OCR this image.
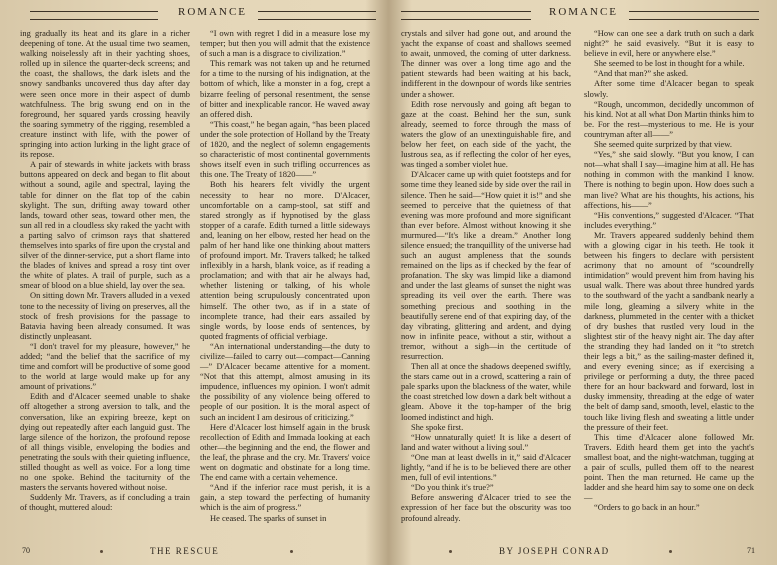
ROMANCE

ing gradually its heat and its glare in a richer deepening of tone. At the usual time two seamen, walking noiselessly aft in their yachting shoes, rolled up in silence the quarter-deck screens; and the coast, the shallows, the dark islets and the snowy sandbanks uncovered thus day after day were seen once more in their aspect of dumb watchfulness. The brig swung end on in the foreground, her squared yards crossing heavily the soaring symmetry of the rigging, resembled a creature instinct with life, with the power of springing into action lurking in the light grace of its repose.

A pair of stewards in white jackets with brass buttons appeared on deck and began to flit about without a sound, agile and spectral, laying the table for dinner on the flat top of the cabin skylight. The sun, drifting away toward other lands, toward other seas, toward other men, the sun all red in a cloudless sky raked the yacht with a parting salvo of crimson rays that shattered themselves into sparks of fire upon the crystal and silver of the dinner-service, put a short flame into the blades of knives and spread a rosy tint over the white of plates. A trail of purple, such as a smear of blood on a blue shield, lay over the sea.

On sitting down Mr. Travers alluded in a vexed tone to the necessity of living on preserves, all the stock of fresh provisions for the passage to Batavia having been already consumed. It was distinctly unpleasant.

“I don't travel for my pleasure, however,” he added; “and the belief that the sacrifice of my time and comfort will be productive of some good to the world at large would make up for any amount of privations.”

Edith and d'Alcacer seemed unable to shake off altogether a strong aversion to talk, and the conversation, like an expiring breeze, kept on dying out repeatedly after each languid gust. The large silence of the horizon, the profound repose of all things visible, enveloping the bodies and penetrating the souls with their quieting influence, stilled thought as well as voice. For a long time no one spoke. Behind the taciturnity of the masters the servants hovered without noise.

Suddenly Mr. Travers, as if concluding a train of thought, muttered aloud:

“I own with regret I did in a measure lose my temper; but then you will admit that the existence of such a man is a disgrace to civilization.”

This remark was not taken up and he returned for a time to the nursing of his indignation, at the bottom of which, like a monster in a fog, crept a bizarre feeling of personal resentment, the sense of bitter and inexplicable rancor. He waved away an offered dish.

“This coast,” he began again, “has been placed under the sole protection of Holland by the Treaty of 1820, and the neglect of solemn engagements so characteristic of most continental governments shows itself even in such trifling occurrences as this one. The Treaty of 1820——”

Both his hearers felt vividly the urgent necessity to hear no more. D'Alcacer, uncomfortable on a camp-stool, sat stiff and stared strongly as if hypnotised by the glass stopper of a carafe. Edith turned a little sideways and, leaning on her elbow, rested her head on the palm of her hand like one thinking about matters of profound import. Mr. Travers talked; he talked inflexibly in a harsh, blank voice, as if reading a proclamation; and with that air he always had, whether listening or talking, of his whole attention being scrupulously concentrated upon himself. The other two, as if in a state of incomplete trance, had their ears assailed by single words, by loose ends of sentences, by quoted fragments of official verbiage.

“An international understanding—the duty to civilize—failed to carry out—compact—Canning—” D'Alcacer became attentive for a moment. “Not that this attempt, almost amusing in its impudence, influences my opinion. I won't admit the possibility of any violence being offered to people of our position. It is the moral aspect of such an incident I am desirous of criticizing.”

Here d'Alcacer lost himself again in the brusk recollection of Edith and Immada looking at each other—the beginning and the end, the flower and the leaf, the phrase and the cry. Mr. Travers' voice went on dogmatic and obstinate for a long time. The end came with a certain vehemence.

“And if the inferior race must perish, it is a gain, a step toward the perfecting of humanity which is the aim of progress.”

He ceased. The sparks of sunset in

70	THE RESCUE
ROMANCE

crystals and silver had gone out, and around the yacht the expanse of coast and shallows seemed to await, unmoved, the coming of utter darkness. The dinner was over a long time ago and the patient stewards had been waiting at his back, indifferent in the downpour of words like sentries under a shower.

Edith rose nervously and going aft began to gaze at the coast. Behind her the sun, sunk already, seemed to force through the mass of waters the glow of an unextinguishable fire, and below her feet, on each side of the yacht, the lustrous sea, as if reflecting the color of her eyes, was tinged a somber violet hue.

D'Alcacer came up with quiet footsteps and for some time they leaned side by side over the rail in silence. Then he said—“How quiet it is!” and she seemed to perceive that the quietness of that evening was more profound and more significant than ever before. Almost without knowing it she murmured—“It's like a dream.” Another long silence ensued; the tranquillity of the universe had such an august ampleness that the sounds remained on the lips as if checked by the fear of profanation. The sky was limpid like a diamond and under the last gleams of sunset the night was spreading its veil over the earth. There was something precious and soothing in the beautifully serene end of that expiring day, of the day vibrating, glittering and ardent, and dying now in infinite peace, without a stir, without a tremor, without a sigh—in the certitude of resurrection.

Then all at once the shadows deepened swiftly, the stars came out in a crowd, scattering a rain of pale sparks upon the blackness of the water, while the coast stretched low down a dark belt without a gleam. Above it the top-hamper of the brig loomed indistinct and high.

She spoke first.

“How unnaturally quiet! It is like a desert of land and water without a living soul.”

“One man at least dwells in it,” said d'Alcacer lightly, “and if he is to be believed there are other men, full of evil intentions.”

“Do you think it's true?”

Before answering d'Alcacer tried to see the expression of her face but the obscurity was too profound already.

“How can one see a dark truth on such a dark night?” he said evasively. “But it is easy to believe in evil, here or anywhere else.”

She seemed to be lost in thought for a while.

“And that man?” she asked.

After some time d'Alcacer began to speak slowly.

“Rough, uncommon, decidedly uncommon of his kind. Not at all what Don Martin thinks him to be. For the rest—mysterious to me. He is your countryman after all——”

She seemed quite surprized by that view.

“Yes,” she said slowly. “But you know, I can not—what shall I say—imagine him at all. He has nothing in common with the mankind I know. There is nothing to begin upon. How does such a man live? What are his thoughts, his actions, his affections, his——”

“His conventions,” suggested d'Alcacer. “That includes everything.”

Mr. Travers appeared suddenly behind them with a glowing cigar in his teeth. He took it between his fingers to declare with persistent acrimony that no amount of “scoundrelly intimidation” would prevent him from having his usual walk. There was about three hundred yards to the southward of the yacht a sandbank nearly a mile long, gleaming a silvery white in the darkness, plummeted in the center with a thicket of dry bushes that rustled very loud in the slightest stir of the heavy night air. The day after the stranding they had landed on it “to stretch their legs a bit,” as the sailing-master defined it, and every evening since; as if exercising a privilege or performing a duty, the three paced there for an hour backward and forward, lost in dusky immensity, threading at the edge of water the belt of damp sand, smooth, level, elastic to the touch like living flesh and sweating a little under the pressure of their feet.

This time d'Alcacer alone followed Mr. Travers. Edith heard them get into the yacht's smallest boat, and the night-watchman, tugging at a pair of sculls, pulled them off to the nearest point. Then the man returned. He came up the ladder and she heard him say to some one on deck—

“Orders to go back in an hour.”

BY JOSEPH CONRAD	71
